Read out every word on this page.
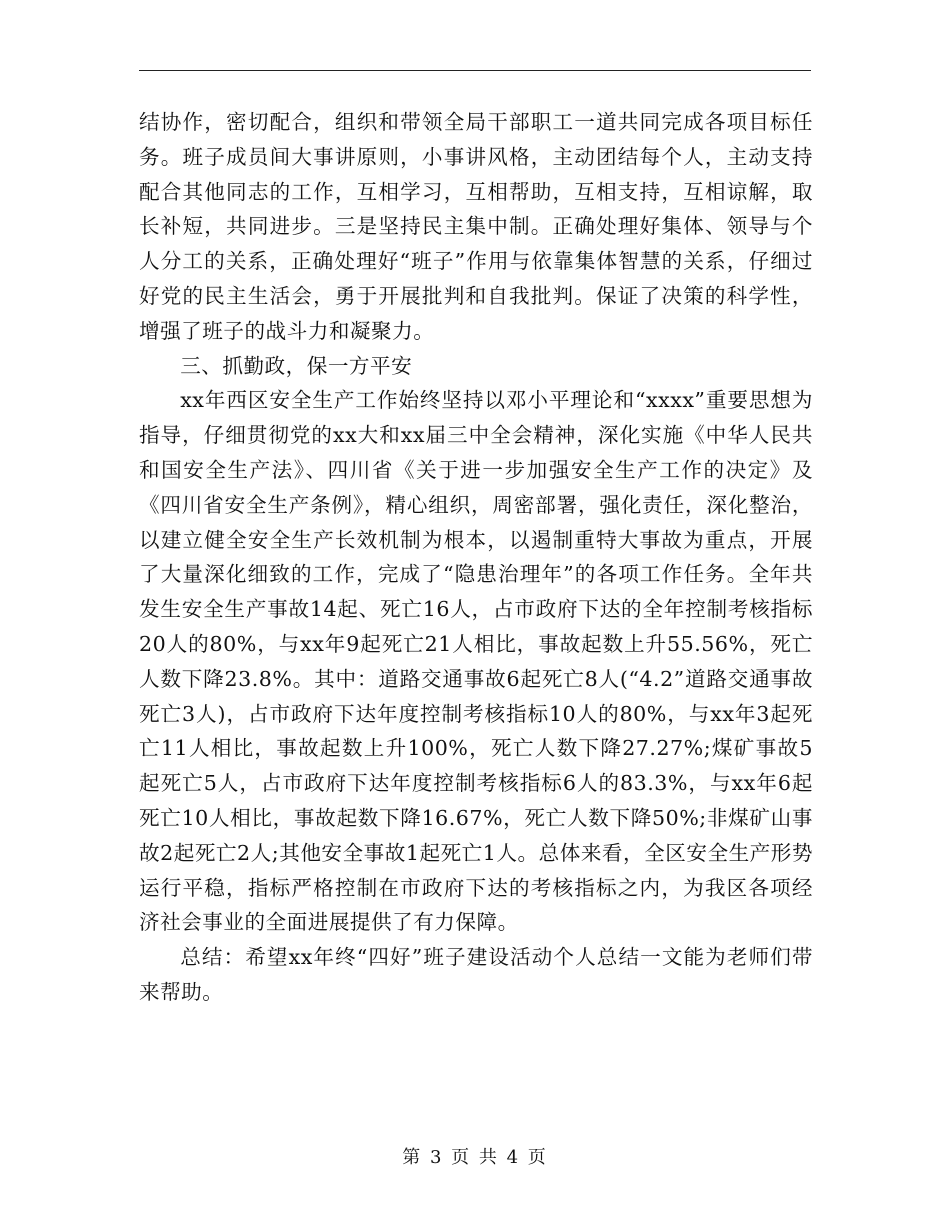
结协作，密切配合，组织和带领全局干部职工一道共同完成各项目标任务。班子成员间大事讲原则，小事讲风格，主动团结每个人，主动支持配合其他同志的工作，互相学习，互相帮助，互相支持，互相谅解，取长补短，共同进步。三是坚持民主集中制。正确处理好集体、领导与个人分工的关系，正确处理好“班子”作用与依靠集体智慧的关系，仔细过好党的民主生活会，勇于开展批判和自我批判。保证了决策的科学性，增强了班子的战斗力和凝聚力。

三、抓勤政，保一方平安

xx年西区安全生产工作始终坚持以邓小平理论和“xxxx”重要思想为指导，仔细贯彻党的xx大和xx届三中全会精神，深化实施《中华人民共和国安全生产法》、四川省《关于进一步加强安全生产工作的决定》及《四川省安全生产条例》，精心组织，周密部署，强化责任，深化整治，以建立健全安全生产长效机制为根本，以遏制重特大事故为重点，开展了大量深化细致的工作，完成了“隐患治理年”的各项工作任务。全年共发生安全生产事故14起、死亡16人，占市政府下达的全年控制考核指标20人的80%，与xx年9起死亡21人相比，事故起数上升55.56%，死亡人数下降23.8%。其中：道路交通事故6起死亡8人(“4.2”道路交通事故死亡3人)，占市政府下达年度控制考核指标10人的80%，与xx年3起死亡11人相比，事故起数上升100%，死亡人数下降27.27%;煤矿事故5起死亡5人，占市政府下达年度控制考核指标6人的83.3%，与xx年6起死亡10人相比，事故起数下降16.67%，死亡人数下降50%;非煤矿山事故2起死亡2人;其他安全事故1起死亡1人。总体来看，全区安全生产形势运行平稳，指标严格控制在市政府下达的考核指标之内，为我区各项经济社会事业的全面进展提供了有力保障。

总结：希望xx年终“四好”班子建设活动个人总结一文能为老师们带来帮助。

第 3 页 共 4 页
